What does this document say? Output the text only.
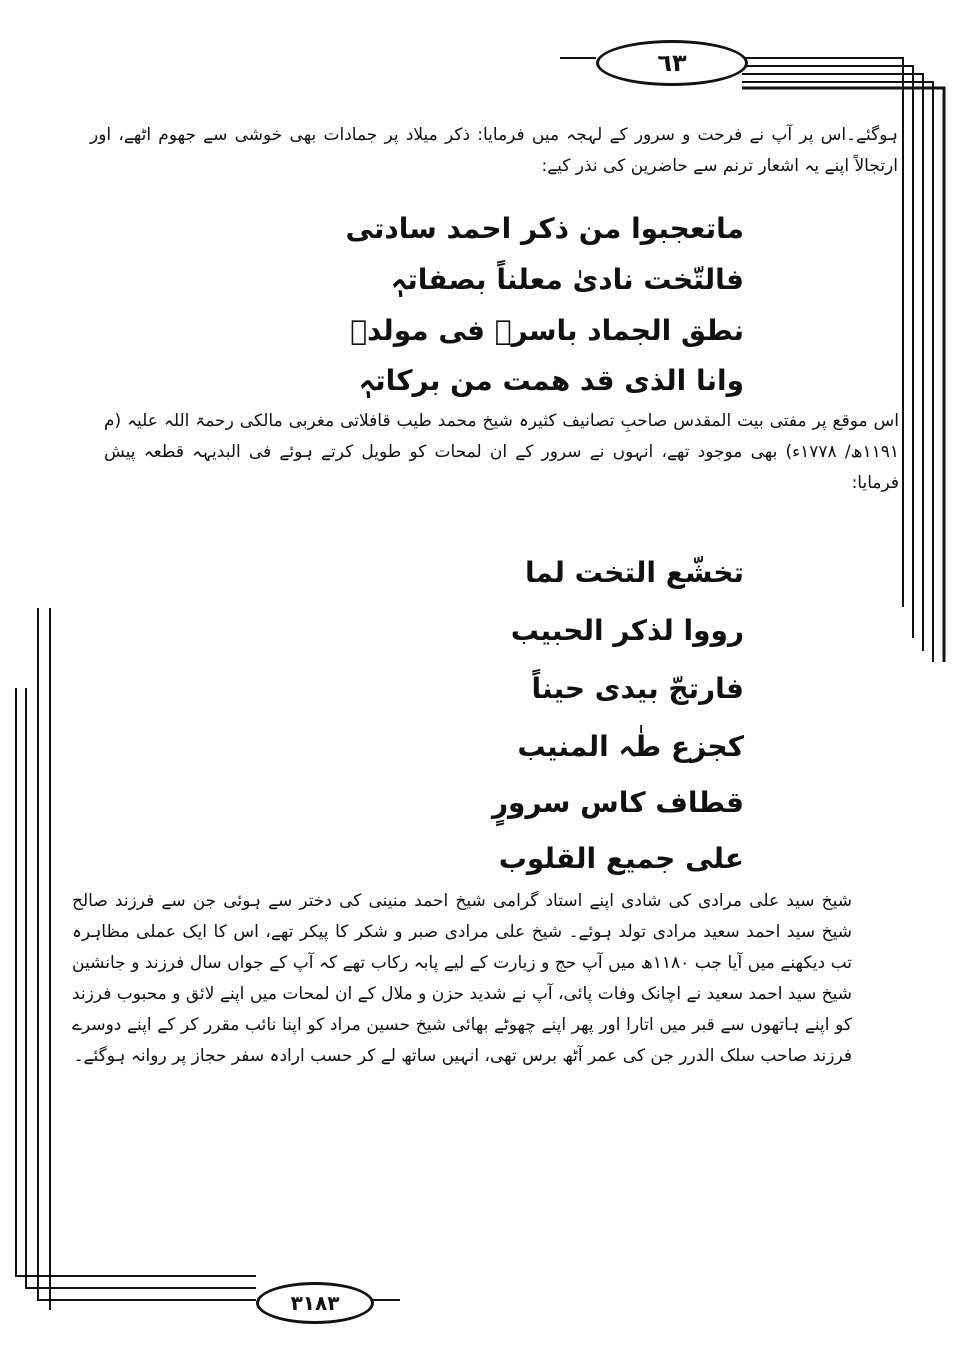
٦٣

ہوگئے۔اس پر آپ نے فرحت و سرور کے لہجہ میں فرمایا: ذکر میلاد پر جمادات بھی خوشی سے جھوم اٹھے، اور ارتجالاً اپنے یہ اشعار ترنم سے حاضرین کی نذر کیے:

ماتعجبوا من ذکر احمد سادتی
فالتّخت نادیٰ معلناً بصفاتہٖ
نطق الجماد باسرہ فی مولدٖ
وانا الذی قد ھمت من برکاتہٖ

اس موقع پر مفتی بیت المقدس صاحبِ تصانیف کثیرہ شیخ محمد طیب قافلاتی مغربی مالکی رحمۃ اللہ علیہ (م ۱۱۹۱ھ/ ۱۷۷۸ء) بھی موجود تھے، انہوں نے سرور کے ان لمحات کو طویل کرتے ہوئے فی البدیہہ قطعہ پیش فرمایا:

تخشّع التخت لما
رووا لذکر الحبیب
فارتجّ بیدی حیناً
کجزع طٰہ المنیب
قطاف کاس سرورٍ
علی جمیع القلوب

شیخ سید علی مرادی کی شادی اپنے استاد گرامی شیخ احمد منینی کی دختر سے ہوئی جن سے فرزند صالح شیخ سید احمد سعید مرادی تولد ہوئے۔ شیخ علی مرادی صبر و شکر کا پیکر تھے، اس کا ایک عملی مظاہرہ تب دیکھنے میں آیا جب ۱۱۸۰ھ میں آپ حج و زیارت کے لیے پابہ رکاب تھے کہ آپ کے جواں سال فرزند و جانشین شیخ سید احمد سعید نے اچانک وفات پائی، آپ نے شدید حزن و ملال کے ان لمحات میں اپنے لائق و محبوب فرزند کو اپنے ہاتھوں سے قبر میں اتارا اور پھر اپنے چھوٹے بھائی شیخ حسین مراد کو اپنا نائب مقرر کر کے اپنے دوسرے فرزند صاحب سلک الدرر جن کی عمر آٹھ برس تھی، انہیں ساتھ لے کر حسب ارادہ سفر حجاز پر روانہ ہوگئے۔

٣١٨٣
